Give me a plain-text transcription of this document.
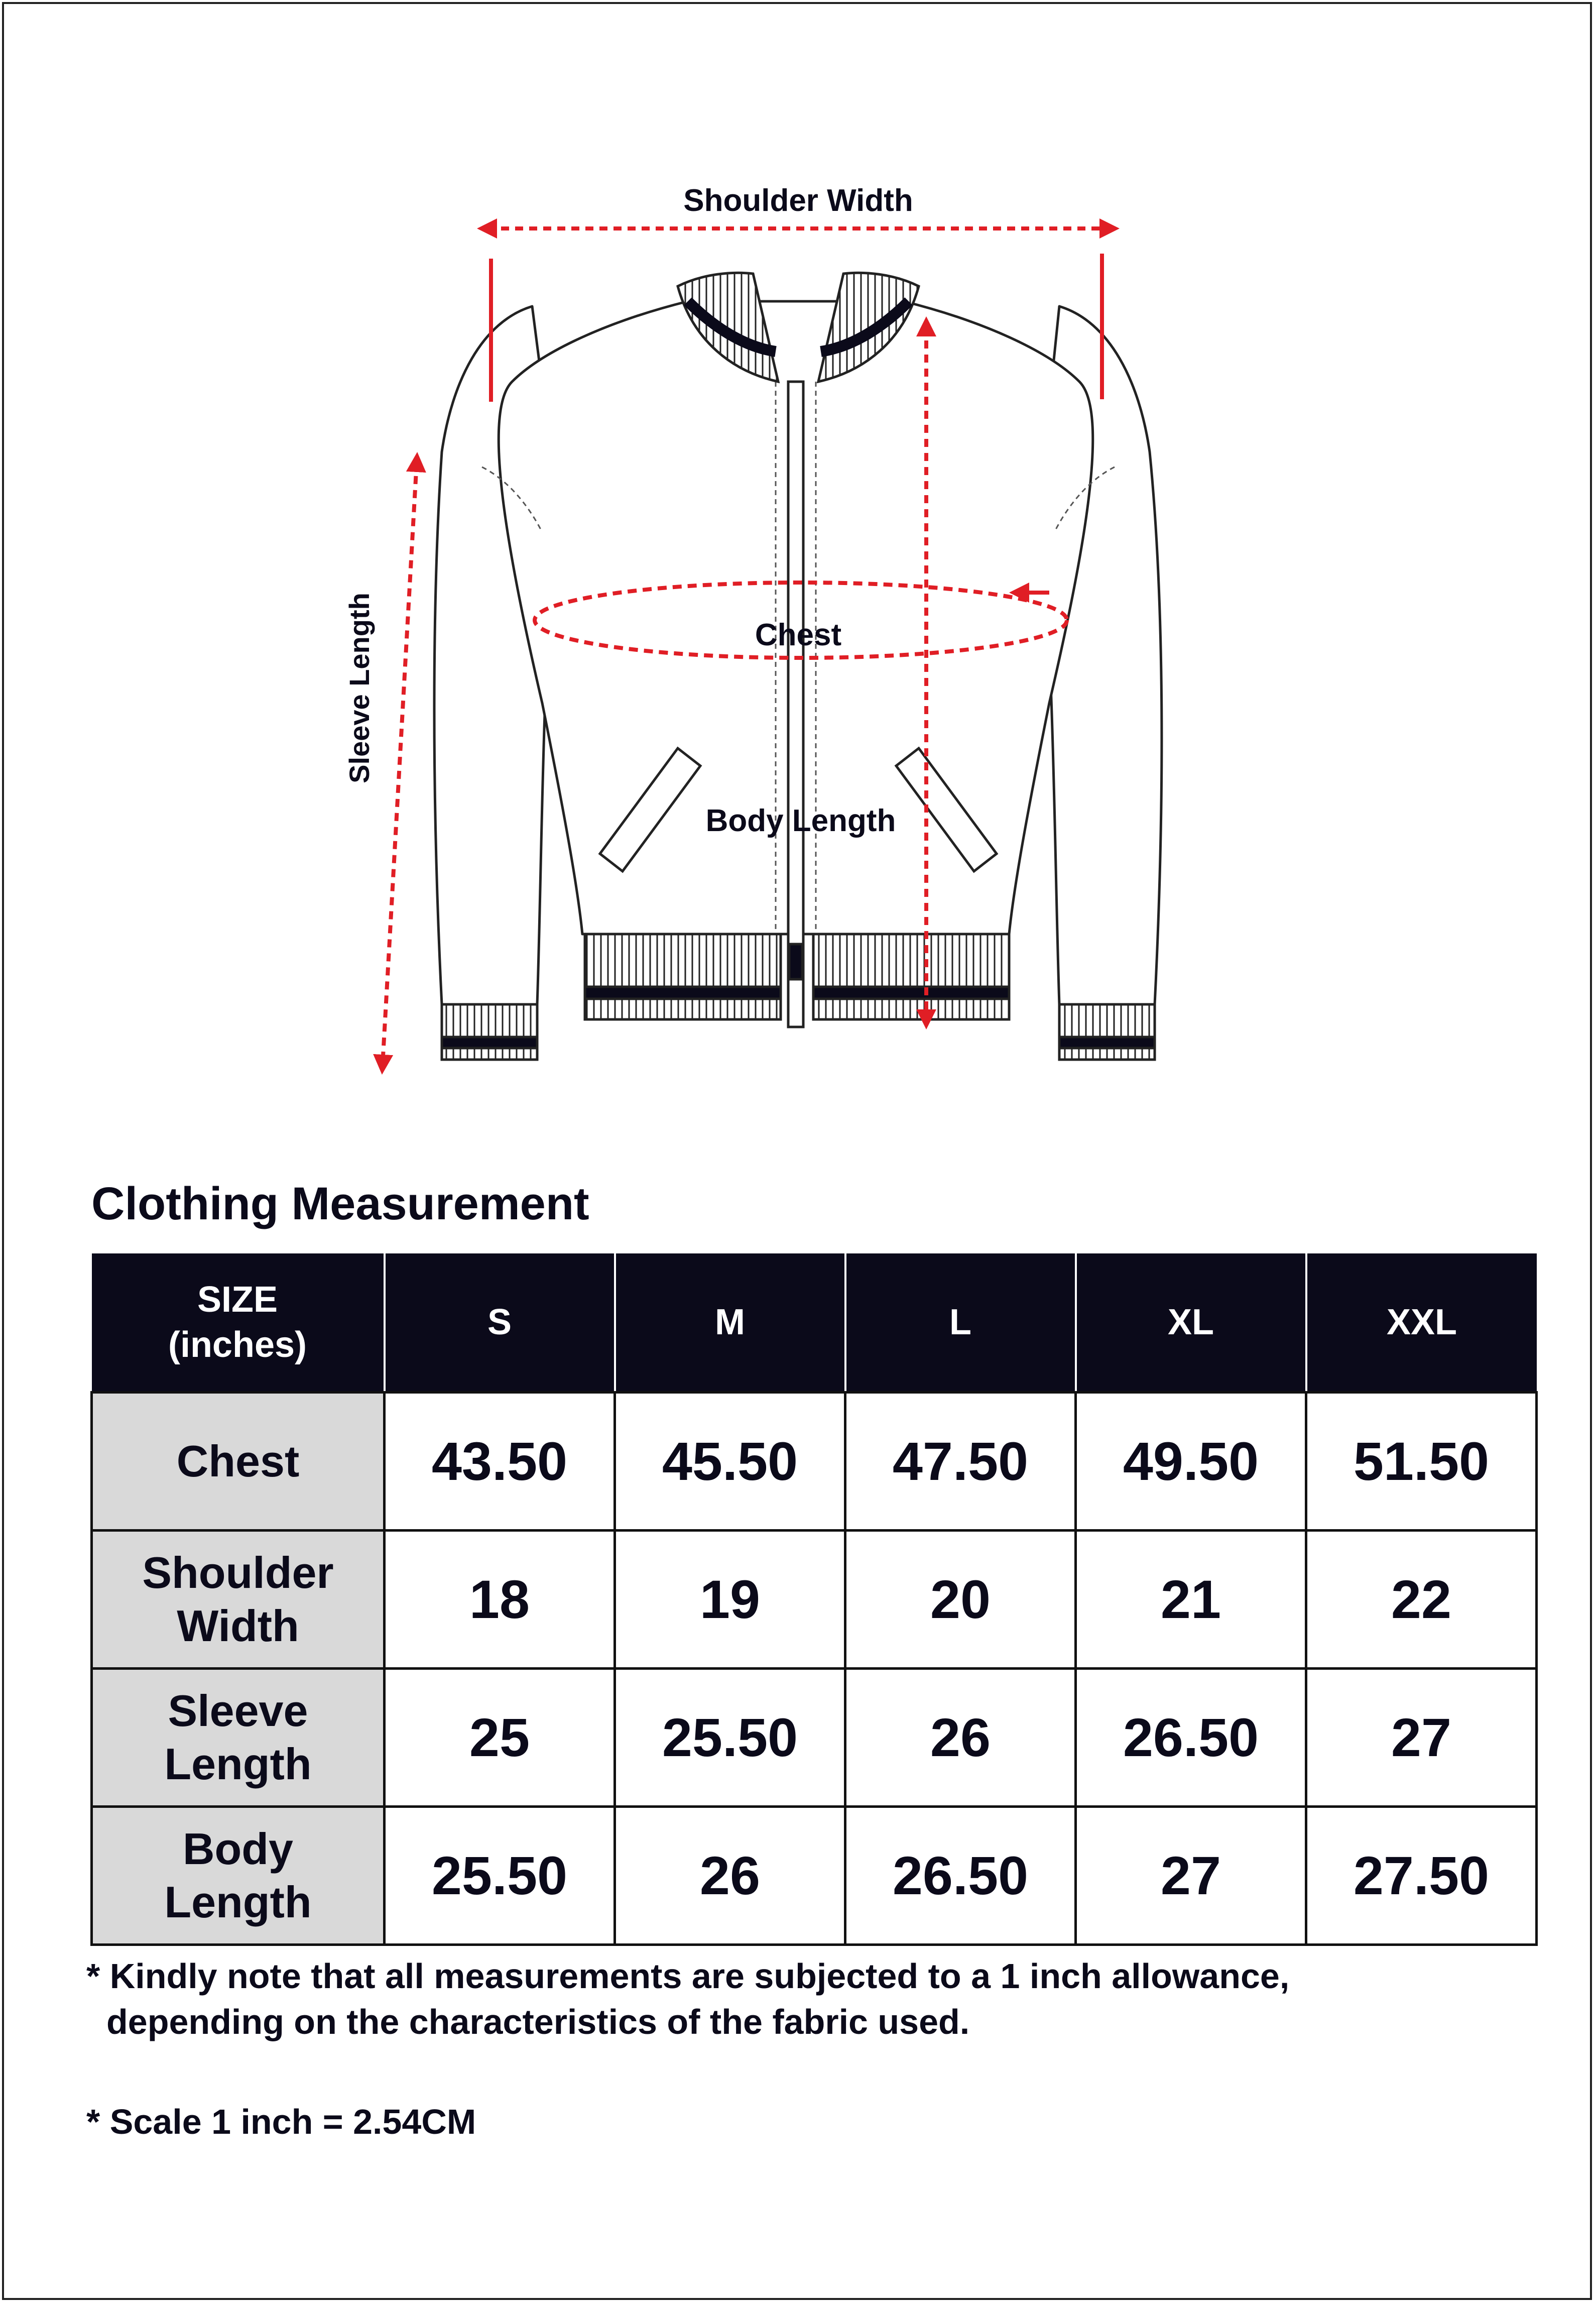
Shoulder Width
Chest
Body Length
Sleeve Length
Clothing Measurement
SIZE
(inches)	S	M	L	XL	XXL
Chest	43.50	45.50	47.50	49.50	51.50
Shoulder Width	18	19	20	21	22
Sleeve Length	25	25.50	26	26.50	27
Body Length	25.50	26	26.50	27	27.50

* Kindly note that all measurements are subjected to a 1 inch allowance,
depending on the characteristics of the fabric used.

* Scale 1 inch = 2.54CM
